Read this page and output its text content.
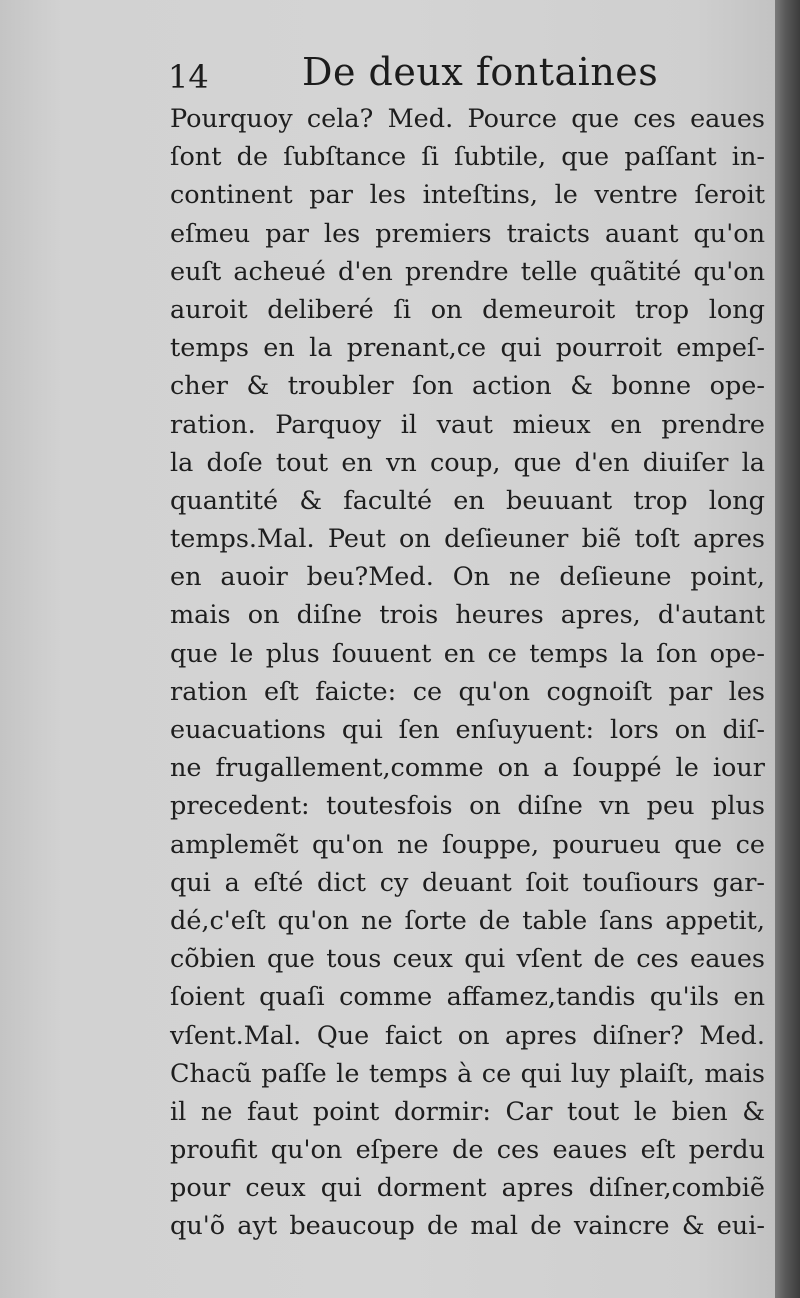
14 De deux fontaines
Pourquoy cela? Med. Pource que ces eaues
ſont de ſubſtance ſi ſubtile, que paſſant in-
continent par les inteſtins, le ventre ſeroit
eſmeu par les premiers traicts auant qu'on
euſt acheué d'en prendre telle quãtité qu'on
auroit deliberé ſi on demeuroit trop long
temps en la prenant,ce qui pourroit empeſ-
cher & troubler ſon action & bonne ope-
ration. Parquoy il vaut mieux en prendre
la doſe tout en vn coup, que d'en diuiſer la
quantité & faculté en beuuant trop long
temps.Mal. Peut on deſieuner biẽ toſt apres
en auoir beu?Med. On ne deſieune point,
mais on diſne trois heures apres, d'autant
que le plus ſouuent en ce temps la ſon ope-
ration eſt faicte: ce qu'on cognoiſt par les
euacuations qui ſen enſuyuent: lors on diſ-
ne frugallement,comme on a ſouppé le iour
precedent: toutesfois on diſne vn peu plus
amplemẽt qu'on ne ſouppe, pourueu que ce
qui a eſté dict cy deuant ſoit touſiours gar-
dé,c'eſt qu'on ne ſorte de table ſans appetit,
cõbien que tous ceux qui vſent de ces eaues
ſoient quaſi comme affamez,tandis qu'ils en
vſent.Mal. Que faict on apres diſner? Med.
Chacũ paſſe le temps à ce qui luy plaiſt, mais
il ne faut point dormir: Car tout le bien &
proufit qu'on eſpere de ces eaues eſt perdu
pour ceux qui dorment apres diſner,combiẽ
qu'õ ayt beaucoup de mal de vaincre & eui-
